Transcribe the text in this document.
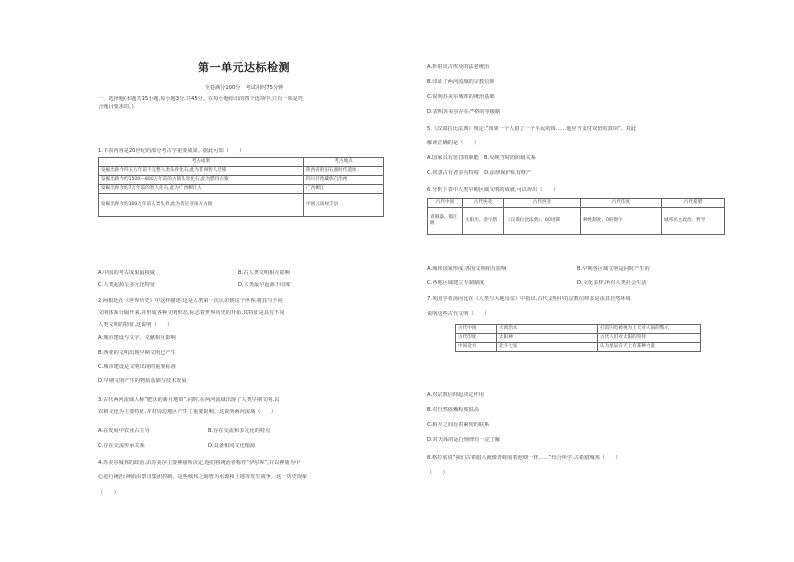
第一单元达标检测
全卷满分100分　考试用时75分钟
一、选择题(本题共15小题,每小题3分,共45分。在每小题给出的四个选项中,只有一项是符
合题目要求的。)
1.下表内容是20世纪的部分考古学重要成果。据此可知（　　）
考古成果	考古地点
发掘出距今四五万年前不完整人类头骨化石,此为非洲智人迁移	陕西省的旧石器时代遗址
发掘出距今约1500—800万年前的古猿头骨化石,此为腊玛古猿	四川甘孜藏族自治州
发掘出距今约7万年前的智人化石,此为广西柳江人	广西柳江
发掘出距今约300万年前人类头骨,此为肯尼亚南方古猿	中国云南禄丰县
A.中国的考古成果最权威	B.古人类文明相互影响
C.人类起源呈多元化特征	D.人类最早起源于印度
2.阿根廷在《世界历史》中这样描述:这是人类第一次认识到这个世界,将其与不同
文明体系分隔开来,并形成各种文明形态,标志着世界历史的开始,其特征是具有不同
人类文明的特征,这说明（　　）
A.城市建设与文字、文献相互影响
B.西亚的文明出现早期文明已产生
C.城市建设是文明出现的重要标准
D.早期文明产生的物质基础与技术发展
3.古代两河流域人称“肥沃的新月地带”,同时,在两河流域出现了人类早期文明,以
农耕文化为主要特征,并对周边地区产生了重要影响。这说明两河流域（　　）
A.在发展中农业占主导	B.存在交流和多元化的特点
C.存在交流传承关系	D.具备相同文化根源
4.苏美尔城邦的政治,由苏美尔主要神庙所决定,他们将统治者称作“伊尔库”,并以神庙为中
心进行统治;神庙由祭司集团控制。这些城邦之间曾为水源和土地等发生战争。这一历史现象
（　　）
A.折射出古埃及的法老统治
B.印证了两河流域的宗教信仰
C.说明苏美尔城邦的统治基础
D.表明苏美尔存在严格的等级制
5.《汉谟拉比法典》规定:“如果一个人借了一个平民的钱……他应当支付双倍的款项”。对此
解读正确的是（　　）
A.国家具有惩罚的职能　B.反映当时的阶级关系
C.奴隶占有者享有特权　D.法律保护私有财产
6.分析下表中人类早期区域文明的成就,可以得出（　　）
古代中国	古代埃及	古代西亚	古代印度	古代希腊
青铜器、都江堰	太阳历、金字塔	《汉谟拉比法典》、60进制	种姓制度、0的数字	城邦民主政治、哲学
A.城邦国家形成,各国文明相互影响	B.早期各区域文明是同时产生的
C.各地区域建立专制制度	D.文化多样,所有人类社会生活
7.英国学者汤因比在《人类与大地母亲》中指出,古代文明中的宗教信仰多是由其自然环境
说明这些古代文明（　　）
古代中国	大禹治水	打雷闪电被视为上天对人间的警示
古代印度	太阳神	古代人们对太阳的崇拜
中国北方	北斗七星	认为星辰在天上有某种力量
A.对宗教信仰起决定作用
B.对自然依赖程度很高
C.相互之间有着紧密的联系
D.对天体的运行规律有一定了解
8.格拉底说“我们古希腊人就像青蛙围着池塘一样……”结合所学,古希腊城邦（　　）
（　　）
